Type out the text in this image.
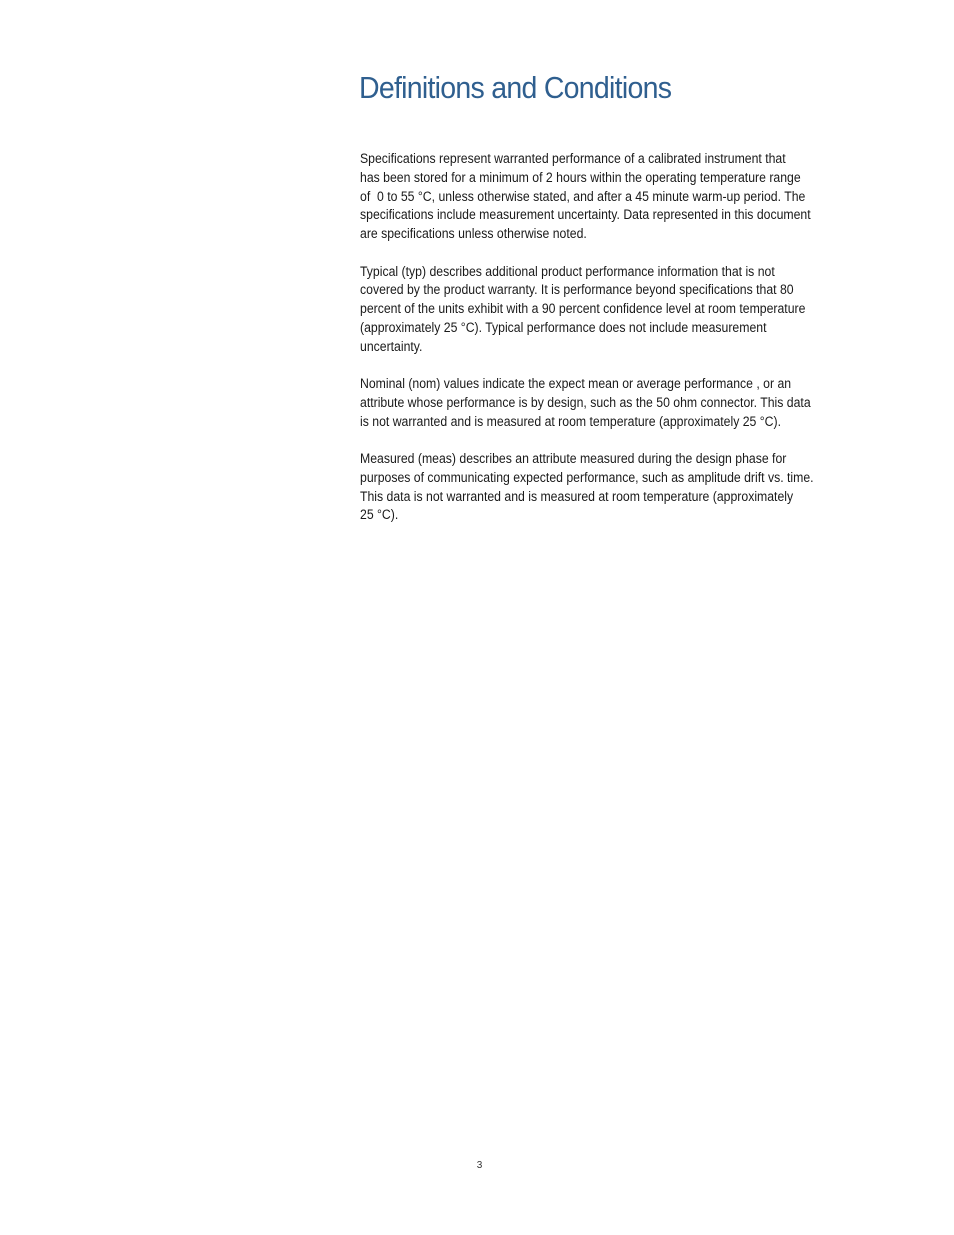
Definitions and Conditions

Specifications represent warranted performance of a calibrated instrument that
has been stored for a minimum of 2 hours within the operating temperature range
of  0 to 55 °C, unless otherwise stated, and after a 45 minute warm-up period. The
specifications include measurement uncertainty. Data represented in this document
are specifications unless otherwise noted.

Typical (typ) describes additional product performance information that is not
covered by the product warranty. It is performance beyond specifications that 80
percent of the units exhibit with a 90 percent confidence level at room temperature
(approximately 25 °C). Typical performance does not include measurement
uncertainty.

Nominal (nom) values indicate the expect mean or average performance , or an
attribute whose performance is by design, such as the 50 ohm connector. This data
is not warranted and is measured at room temperature (approximately 25 °C).

Measured (meas) describes an attribute measured during the design phase for
purposes of communicating expected performance, such as amplitude drift vs. time.
This data is not warranted and is measured at room temperature (approximately
25 °C).

3
